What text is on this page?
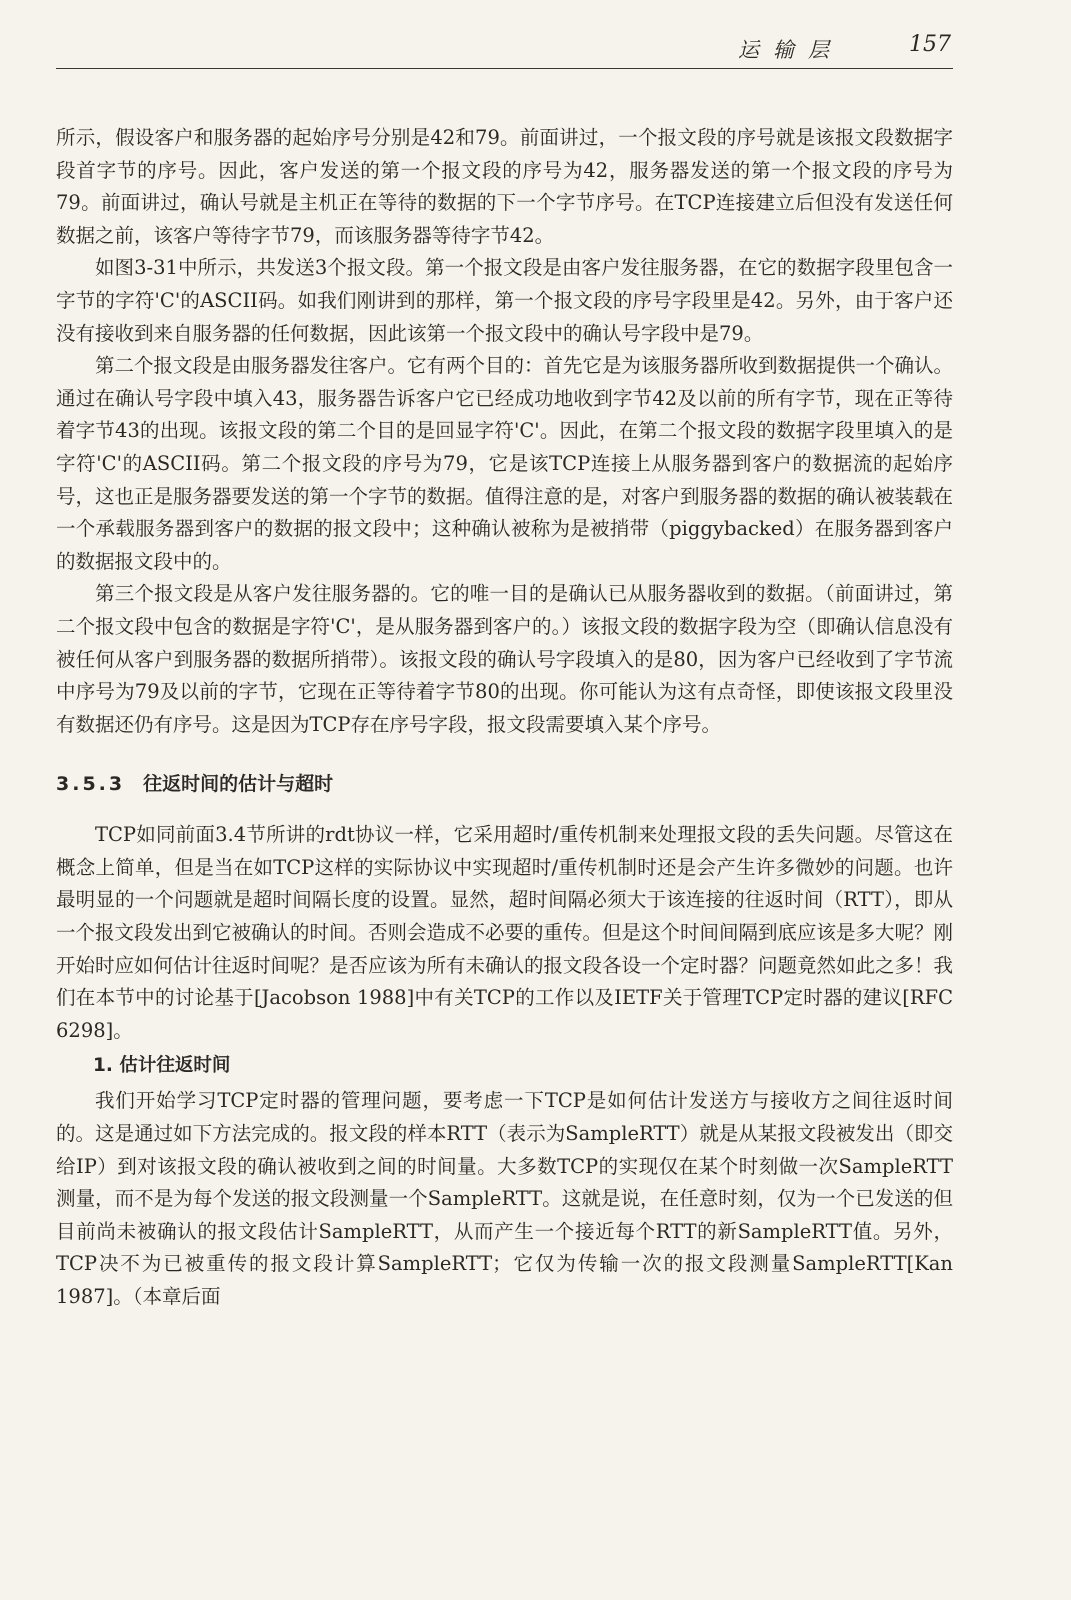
运输层	157

所示，假设客户和服务器的起始序号分别是42和79。前面讲过，一个报文段的序号就是该报文段数据字段首字节的序号。因此，客户发送的第一个报文段的序号为42，服务器发送的第一个报文段的序号为79。前面讲过，确认号就是主机正在等待的数据的下一个字节序号。在TCP连接建立后但没有发送任何数据之前，该客户等待字节79，而该服务器等待字节42。

如图3-31中所示，共发送3个报文段。第一个报文段是由客户发往服务器，在它的数据字段里包含一字节的字符'C'的ASCII码。如我们刚讲到的那样，第一个报文段的序号字段里是42。另外，由于客户还没有接收到来自服务器的任何数据，因此该第一个报文段中的确认号字段中是79。

第二个报文段是由服务器发往客户。它有两个目的：首先它是为该服务器所收到数据提供一个确认。通过在确认号字段中填入43，服务器告诉客户它已经成功地收到字节42及以前的所有字节，现在正等待着字节43的出现。该报文段的第二个目的是回显字符'C'。因此，在第二个报文段的数据字段里填入的是字符'C'的ASCII码。第二个报文段的序号为79，它是该TCP连接上从服务器到客户的数据流的起始序号，这也正是服务器要发送的第一个字节的数据。值得注意的是，对客户到服务器的数据的确认被装载在一个承载服务器到客户的数据的报文段中；这种确认被称为是被捎带（piggybacked）在服务器到客户的数据报文段中的。

第三个报文段是从客户发往服务器的。它的唯一目的是确认已从服务器收到的数据。（前面讲过，第二个报文段中包含的数据是字符'C'，是从服务器到客户的。）该报文段的数据字段为空（即确认信息没有被任何从客户到服务器的数据所捎带）。该报文段的确认号字段填入的是80，因为客户已经收到了字节流中序号为79及以前的字节，它现在正等待着字节80的出现。你可能认为这有点奇怪，即使该报文段里没有数据还仍有序号。这是因为TCP存在序号字段，报文段需要填入某个序号。

3.5.3 往返时间的估计与超时

TCP如同前面3.4节所讲的rdt协议一样，它采用超时/重传机制来处理报文段的丢失问题。尽管这在概念上简单，但是当在如TCP这样的实际协议中实现超时/重传机制时还是会产生许多微妙的问题。也许最明显的一个问题就是超时间隔长度的设置。显然，超时间隔必须大于该连接的往返时间（RTT），即从一个报文段发出到它被确认的时间。否则会造成不必要的重传。但是这个时间间隔到底应该是多大呢？刚开始时应如何估计往返时间呢？是否应该为所有未确认的报文段各设一个定时器？问题竟然如此之多！我们在本节中的讨论基于[Jacobson 1988]中有关TCP的工作以及IETF关于管理TCP定时器的建议[RFC 6298]。

1. 估计往返时间

我们开始学习TCP定时器的管理问题，要考虑一下TCP是如何估计发送方与接收方之间往返时间的。这是通过如下方法完成的。报文段的样本RTT（表示为SampleRTT）就是从某报文段被发出（即交给IP）到对该报文段的确认被收到之间的时间量。大多数TCP的实现仅在某个时刻做一次SampleRTT测量，而不是为每个发送的报文段测量一个SampleRTT。这就是说，在任意时刻，仅为一个已发送的但目前尚未被确认的报文段估计SampleRTT，从而产生一个接近每个RTT的新SampleRTT值。另外，TCP决不为已被重传的报文段计算SampleRTT；它仅为传输一次的报文段测量SampleRTT[Kan 1987]。（本章后面
